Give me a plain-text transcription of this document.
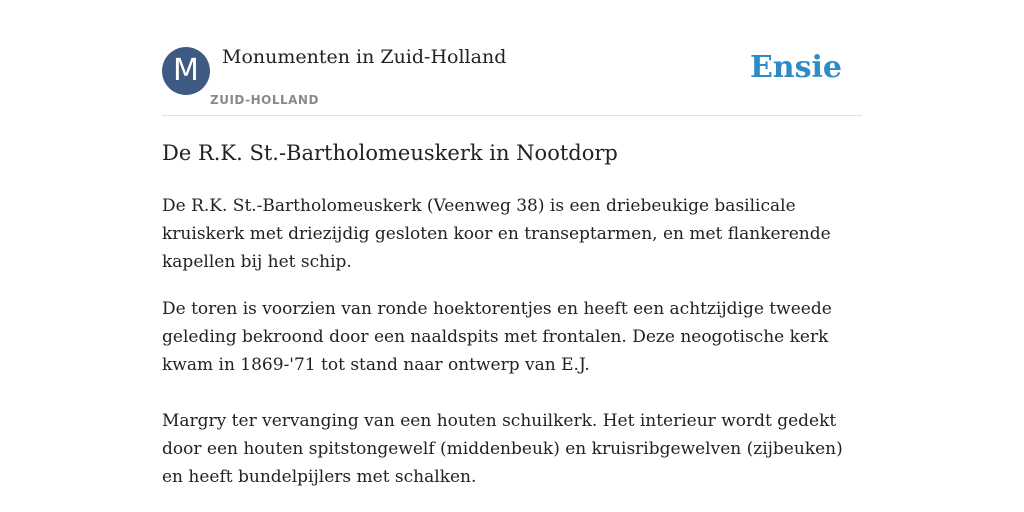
M	Monumenten in Zuid-Holland
ZUID-HOLLAND
Ensie
De R.K. St.-Bartholomeuskerk in Nootdorp

De R.K. St.-Bartholomeuskerk (Veenweg 38) is een driebeukige basilicale kruiskerk met driezijdig gesloten koor en transeptarmen, en met flankerende kapellen bij het schip.

De toren is voorzien van ronde hoektorentjes en heeft een achtzijdige tweede geleding bekroond door een naaldspits met frontalen. Deze neogotische kerk kwam in 1869-'71 tot stand naar ontwerp van E.J.

Margry ter vervanging van een houten schuilkerk. Het interieur wordt gedekt door een houten spitstongewelf (middenbeuk) en kruisribgewelven (zijbeuken) en heeft bundelpijlers met schalken.
